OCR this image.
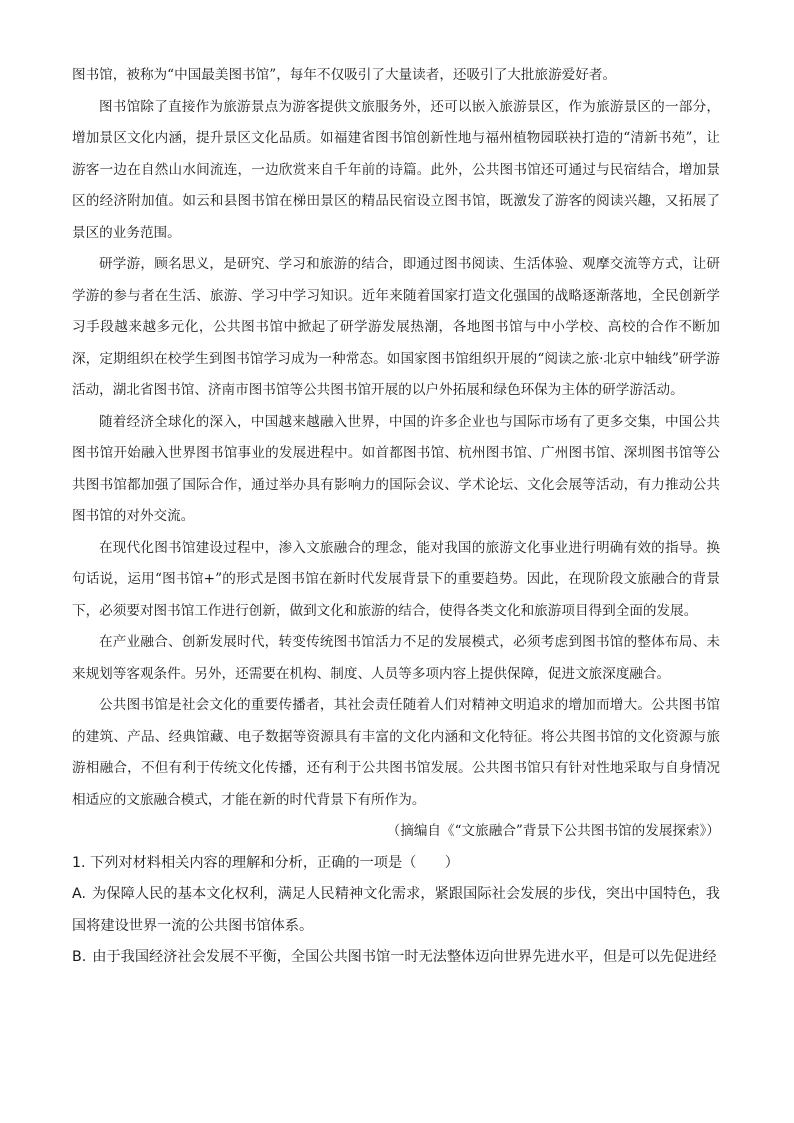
图书馆，被称为“中国最美图书馆”，每年不仅吸引了大量读者，还吸引了大批旅游爱好者。

图书馆除了直接作为旅游景点为游客提供文旅服务外，还可以嵌入旅游景区，作为旅游景区的一部分，增加景区文化内涵，提升景区文化品质。如福建省图书馆创新性地与福州植物园联袂打造的“清新书苑”，让游客一边在自然山水间流连，一边欣赏来自千年前的诗篇。此外，公共图书馆还可通过与民宿结合，增加景区的经济附加值。如云和县图书馆在梯田景区的精品民宿设立图书馆，既激发了游客的阅读兴趣，又拓展了景区的业务范围。

研学游，顾名思义，是研究、学习和旅游的结合，即通过图书阅读、生活体验、观摩交流等方式，让研学游的参与者在生活、旅游、学习中学习知识。近年来随着国家打造文化强国的战略逐渐落地，全民创新学习手段越来越多元化，公共图书馆中掀起了研学游发展热潮，各地图书馆与中小学校、高校的合作不断加深，定期组织在校学生到图书馆学习成为一种常态。如国家图书馆组织开展的“阅读之旅·北京中轴线”研学游活动，湖北省图书馆、济南市图书馆等公共图书馆开展的以户外拓展和绿色环保为主体的研学游活动。

随着经济全球化的深入，中国越来越融入世界，中国的许多企业也与国际市场有了更多交集，中国公共图书馆开始融入世界图书馆事业的发展进程中。如首都图书馆、杭州图书馆、广州图书馆、深圳图书馆等公共图书馆都加强了国际合作，通过举办具有影响力的国际会议、学术论坛、文化会展等活动，有力推动公共图书馆的对外交流。

在现代化图书馆建设过程中，渗入文旅融合的理念，能对我国的旅游文化事业进行明确有效的指导。换句话说，运用“图书馆+”的形式是图书馆在新时代发展背景下的重要趋势。因此，在现阶段文旅融合的背景下，必须要对图书馆工作进行创新，做到文化和旅游的结合，使得各类文化和旅游项目得到全面的发展。

在产业融合、创新发展时代，转变传统图书馆活力不足的发展模式，必须考虑到图书馆的整体布局、未来规划等客观条件。另外，还需要在机构、制度、人员等多项内容上提供保障，促进文旅深度融合。

公共图书馆是社会文化的重要传播者，其社会责任随着人们对精神文明追求的增加而增大。公共图书馆的建筑、产品、经典馆藏、电子数据等资源具有丰富的文化内涵和文化特征。将公共图书馆的文化资源与旅游相融合，不但有利于传统文化传播，还有利于公共图书馆发展。公共图书馆只有针对性地采取与自身情况相适应的文旅融合模式，才能在新的时代背景下有所作为。

（摘编自《“文旅融合”背景下公共图书馆的发展探索》）

1. 下列对材料相关内容的理解和分析，正确的一项是（　　）

A. 为保障人民的基本文化权利，满足人民精神文化需求，紧跟国际社会发展的步伐，突出中国特色，我国将建设世界一流的公共图书馆体系。

B. 由于我国经济社会发展不平衡，全国公共图书馆一时无法整体迈向世界先进水平，但是可以先促进经
